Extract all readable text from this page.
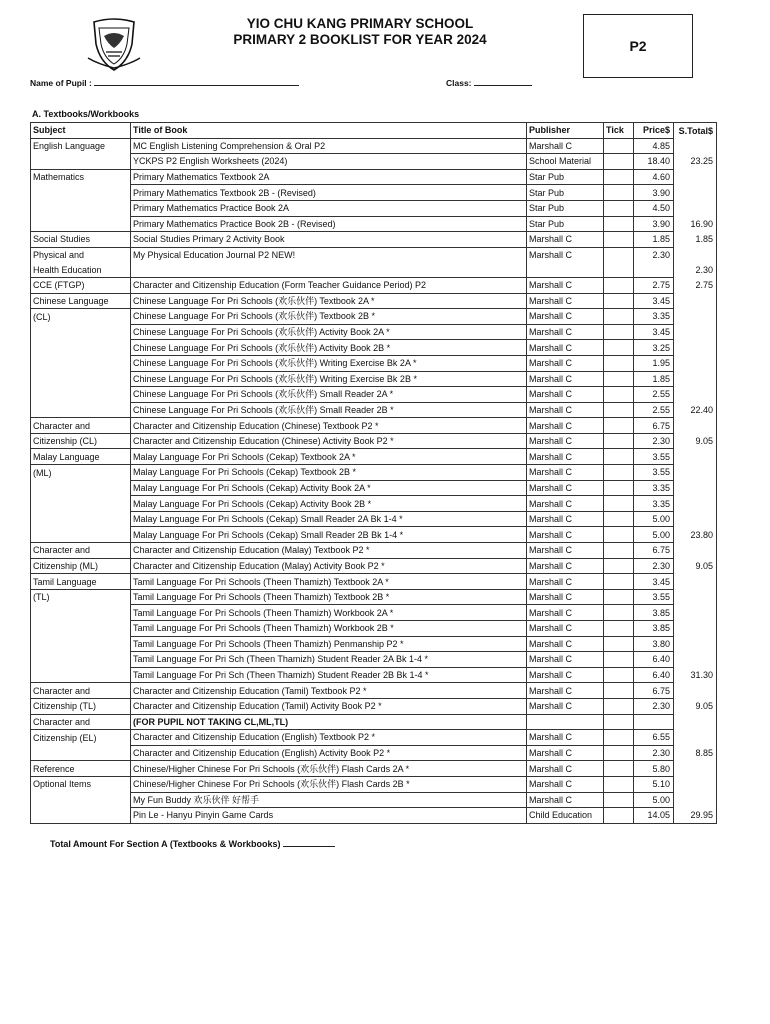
YIO CHU KANG PRIMARY SCHOOL
PRIMARY 2 BOOKLIST FOR YEAR 2024	P2
Name of Pupil :	Class:
A. Textbooks/Workbooks
Subject	Title of Book	Publisher	Tick	Price$	S.Total$
English Language	MC English Listening Comprehension & Oral P2	Marshall C		4.85	
	YCKPS P2 English Worksheets (2024)	School Material		18.40	23.25
Mathematics	Primary Mathematics Textbook 2A	Star Pub		4.60	
	Primary Mathematics Textbook 2B - (Revised)	Star Pub		3.90	
	Primary Mathematics Practice Book 2A	Star Pub		4.50	
	Primary Mathematics Practice Book 2B - (Revised)	Star Pub		3.90	16.90
Social Studies	Social Studies Primary 2 Activity Book	Marshall C		1.85	1.85
Physical and	My Physical Education Journal P2 NEW!	Marshall C		2.30	
Health Education					2.30
CCE (FTGP)	Character and Citizenship Education (Form Teacher Guidance Period) P2	Marshall C		2.75	2.75
Chinese Language	Chinese Language For Pri Schools (欢乐伙伴) Textbook 2A *	Marshall C		3.45	
(CL)	Chinese Language For Pri Schools (欢乐伙伴) Textbook 2B *	Marshall C		3.35	
	Chinese Language For Pri Schools (欢乐伙伴) Activity Book 2A *	Marshall C		3.45	
	Chinese Language For Pri Schools (欢乐伙伴) Activity Book 2B *	Marshall C		3.25	
	Chinese Language For Pri Schools (欢乐伙伴) Writing Exercise Bk 2A *	Marshall C		1.95	
	Chinese Language For Pri Schools (欢乐伙伴) Writing Exercise Bk 2B *	Marshall C		1.85	
	Chinese Language For Pri Schools (欢乐伙伴) Small Reader 2A *	Marshall C		2.55	
	Chinese Language For Pri Schools (欢乐伙伴) Small Reader 2B *	Marshall C		2.55	22.40
Character and	Character and Citizenship Education (Chinese) Textbook P2 *	Marshall C		6.75	
Citizenship (CL)	Character and Citizenship Education (Chinese) Activity Book P2 *	Marshall C		2.30	9.05
Malay Language	Malay Language For Pri Schools (Cekap) Textbook 2A *	Marshall C		3.55	
(ML)	Malay Language For Pri Schools (Cekap) Textbook 2B *	Marshall C		3.55	
	Malay Language For Pri Schools (Cekap) Activity Book 2A *	Marshall C		3.35	
	Malay Language For Pri Schools (Cekap) Activity Book 2B *	Marshall C		3.35	
	Malay Language For Pri Schools (Cekap) Small Reader 2A Bk 1-4 *	Marshall C		5.00	
	Malay Language For Pri Schools (Cekap) Small Reader 2B Bk 1-4 *	Marshall C		5.00	23.80
Character and	Character and Citizenship Education (Malay) Textbook P2 *	Marshall C		6.75	
Citizenship (ML)	Character and Citizenship Education (Malay) Activity Book P2 *	Marshall C		2.30	9.05
Tamil Language	Tamil Language For Pri Schools (Theen Thamizh) Textbook 2A *	Marshall C		3.45	
(TL)	Tamil Language For Pri Schools (Theen Thamizh) Textbook 2B *	Marshall C		3.55	
	Tamil Language For Pri Schools (Theen Thamizh) Workbook 2A *	Marshall C		3.85	
	Tamil Language For Pri Schools (Theen Thamizh) Workbook 2B *	Marshall C		3.85	
	Tamil Language For Pri Schools (Theen Thamizh) Penmanship P2 *	Marshall C		3.80	
	Tamil Language For Pri Sch (Theen Thamizh) Student Reader 2A Bk 1-4 *	Marshall C		6.40	
	Tamil Language For Pri Sch (Theen Thamizh) Student Reader 2B Bk 1-4 *	Marshall C		6.40	31.30
Character and	Character and Citizenship Education (Tamil) Textbook P2 *	Marshall C		6.75	
Citizenship (TL)	Character and Citizenship Education (Tamil) Activity Book P2 *	Marshall C		2.30	9.05
Character and	(FOR PUPIL NOT TAKING CL,ML,TL)				
Citizenship (EL)	Character and Citizenship Education (English) Textbook P2 *	Marshall C		6.55	
	Character and Citizenship Education (English) Activity Book P2 *	Marshall C		2.30	8.85
Reference	Chinese/Higher Chinese For Pri Schools (欢乐伙伴) Flash Cards 2A *	Marshall C		5.80	
Optional Items	Chinese/Higher Chinese For Pri Schools (欢乐伙伴) Flash Cards 2B *	Marshall C		5.10	
	My Fun Buddy 欢乐伙伴 好帮手	Marshall C		5.00	
	Pin Le - Hanyu Pinyin Game Cards	Child Education		14.05	29.95
Total Amount For Section A (Textbooks & Workbooks)
